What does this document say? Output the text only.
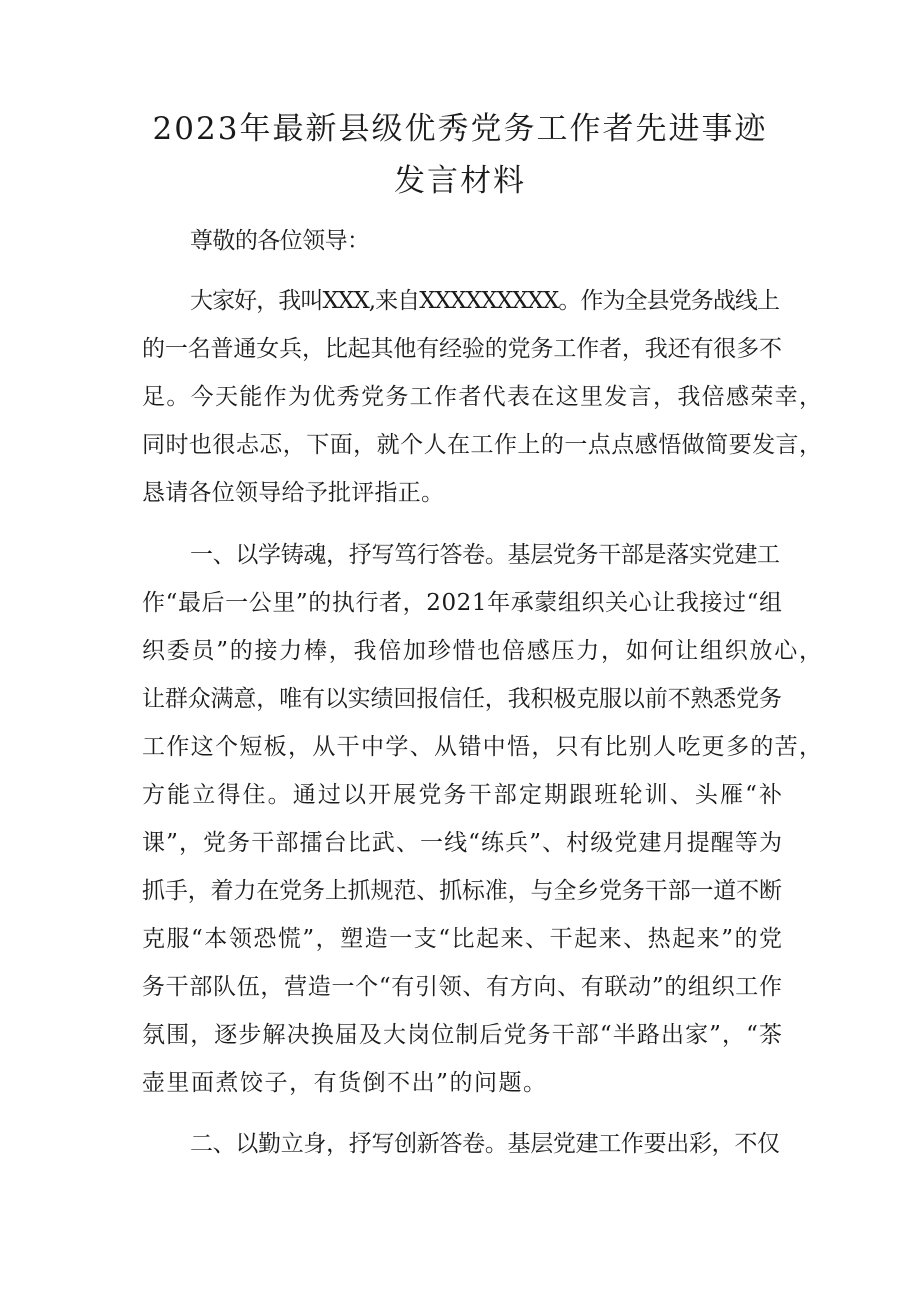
2023年最新县级优秀党务工作者先进事迹
发言材料
尊敬的各位领导：
大家好，我叫XXX,来自XXXXXXXXX。作为全县党务战线上
的一名普通女兵，比起其他有经验的党务工作者，我还有很多不
足。今天能作为优秀党务工作者代表在这里发言，我倍感荣幸，
同时也很忐忑，下面，就个人在工作上的一点点感悟做简要发言，
恳请各位领导给予批评指正。
一、以学铸魂，抒写笃行答卷。基层党务干部是落实党建工
作“最后一公里”的执行者，2021年承蒙组织关心让我接过“组
织委员”的接力棒，我倍加珍惜也倍感压力，如何让组织放心，
让群众满意，唯有以实绩回报信任，我积极克服以前不熟悉党务
工作这个短板，从干中学、从错中悟，只有比别人吃更多的苦，
方能立得住。通过以开展党务干部定期跟班轮训、头雁“补
课”，党务干部擂台比武、一线“练兵”、村级党建月提醒等为
抓手，着力在党务上抓规范、抓标准，与全乡党务干部一道不断
克服“本领恐慌”，塑造一支“比起来、干起来、热起来”的党
务干部队伍，营造一个“有引领、有方向、有联动”的组织工作
氛围，逐步解决换届及大岗位制后党务干部“半路出家”，“茶
壶里面煮饺子，有货倒不出”的问题。
二、以勤立身，抒写创新答卷。基层党建工作要出彩，不仅
